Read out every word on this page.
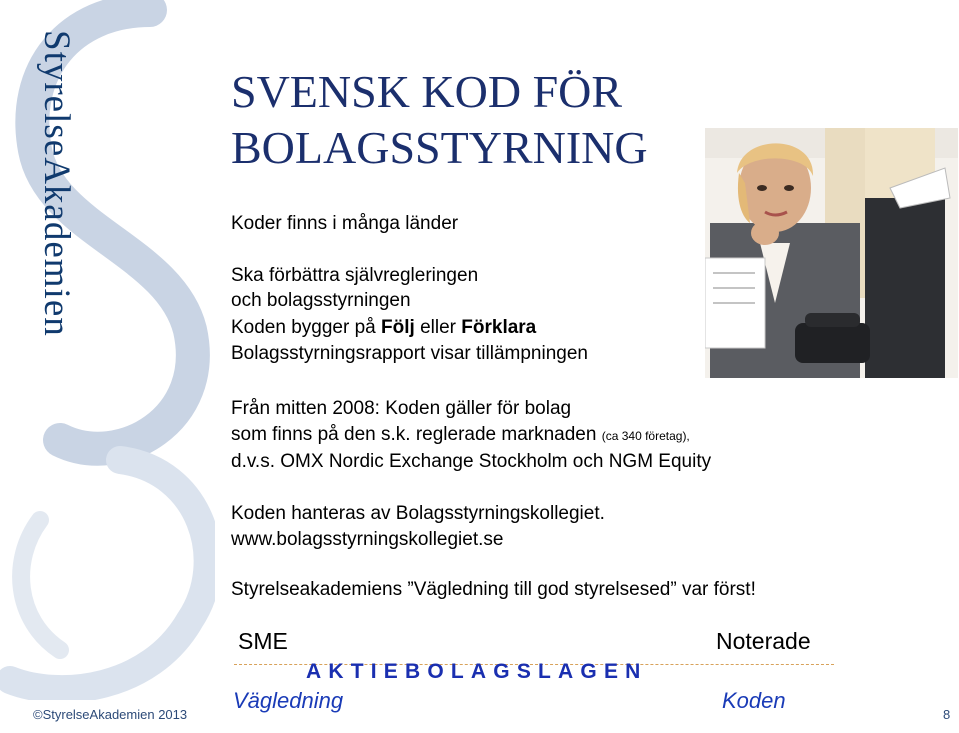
StyrelseAkademien	SVENSK KOD FÖR
BOLAGSSTYRNING
Koder finns i många länder
Ska förbättra självregleringen
och bolagsstyrningen
Koden bygger på Följ eller Förklara
Bolagsstyrningsrapport visar tillämpningen
Från mitten 2008: Koden gäller för bolag
som finns på den s.k. reglerade marknaden (ca 340 företag),
d.v.s. OMX Nordic Exchange Stockholm och NGM Equity
Koden hanteras av Bolagsstyrningskollegiet.
www.bolagsstyrningskollegiet.se
Styrelseakademiens ”Vägledning till god styrelsesed” var först!
SME	Noterade
AKTIEBOLAGSLAGEN
Vägledning	Koden
©StyrelseAkademien 2013	8
